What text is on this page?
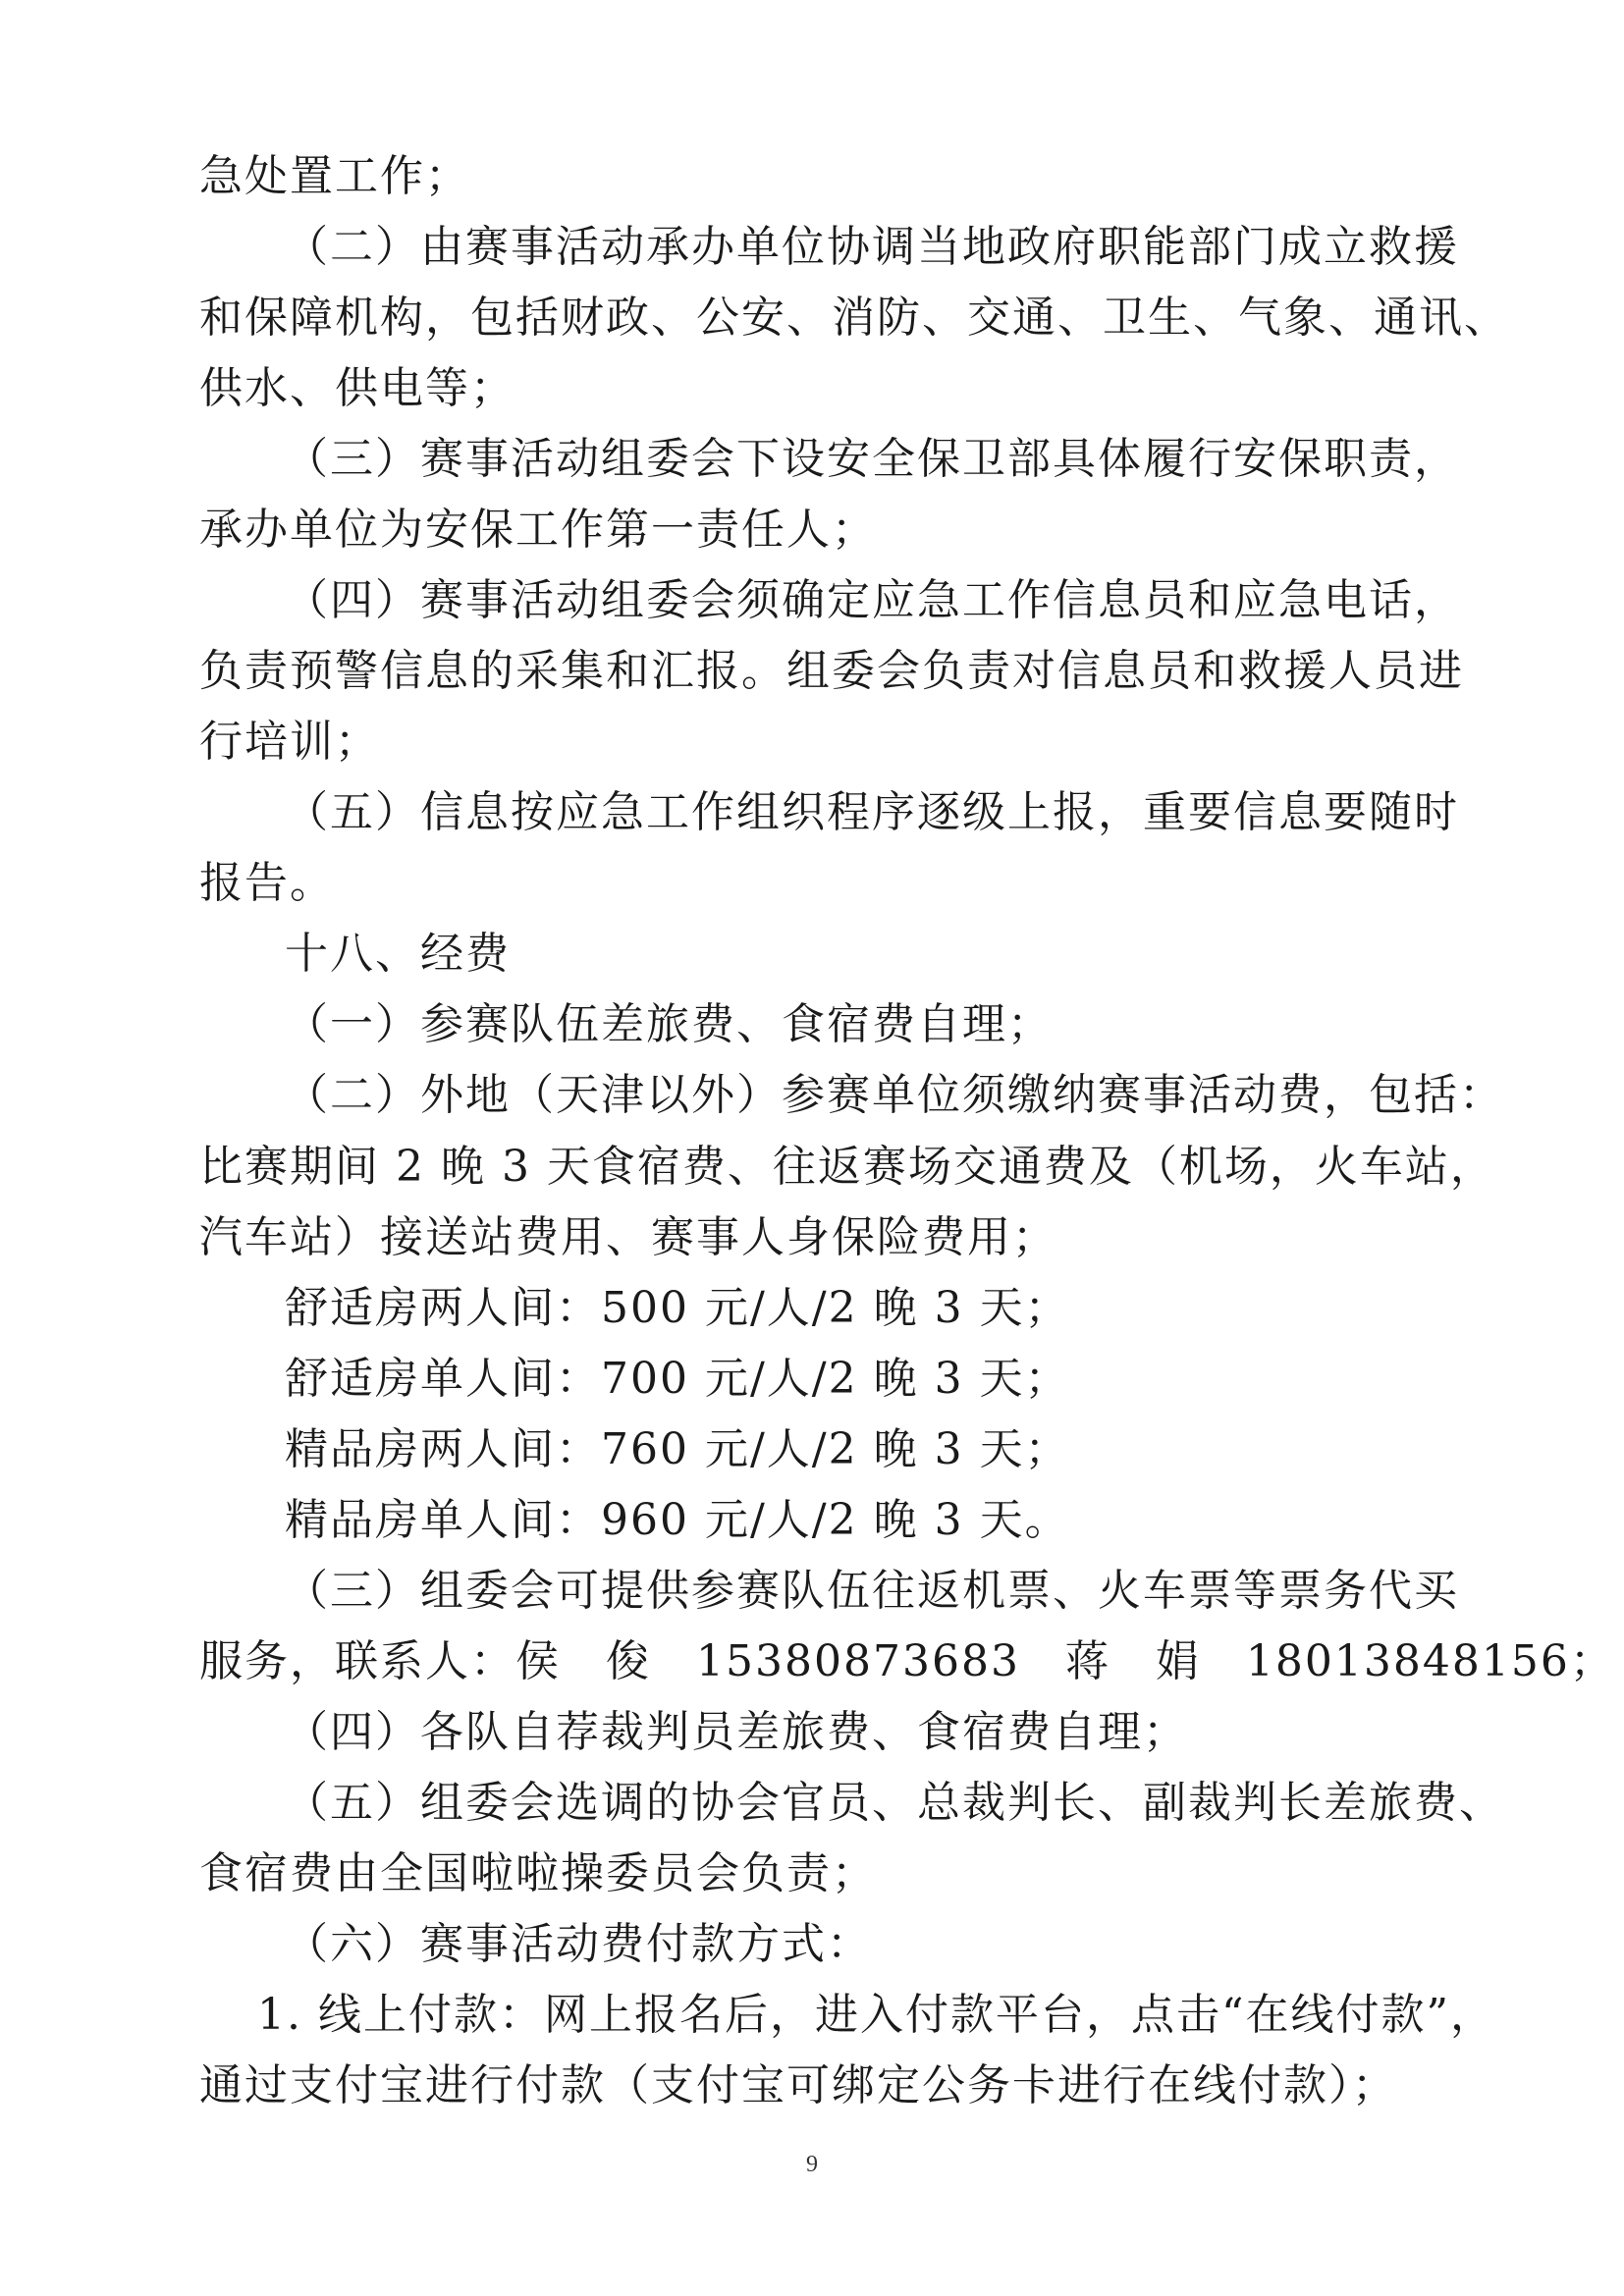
急处置工作；

（二）由赛事活动承办单位协调当地政府职能部门成立救援

和保障机构，包括财政、公安、消防、交通、卫生、气象、通讯、

供水、供电等；

（三）赛事活动组委会下设安全保卫部具体履行安保职责，

承办单位为安保工作第一责任人；

（四）赛事活动组委会须确定应急工作信息员和应急电话，

负责预警信息的采集和汇报。组委会负责对信息员和救援人员进

行培训；

（五）信息按应急工作组织程序逐级上报，重要信息要随时

报告。

十八、经费

（一）参赛队伍差旅费、食宿费自理；

（二）外地（天津以外）参赛单位须缴纳赛事活动费，包括：

比赛期间 2 晚 3 天食宿费、往返赛场交通费及（机场，火车站，

汽车站）接送站费用、赛事人身保险费用；

舒适房两人间：500 元/人/2 晚 3 天；

舒适房单人间：700 元/人/2 晚 3 天；

精品房两人间：760 元/人/2 晚 3 天；

精品房单人间：960 元/人/2 晚 3 天。

（三）组委会可提供参赛队伍往返机票、火车票等票务代买

服务，联系人：侯　俊　15380873683　蒋　娟　18013848156；

（四）各队自荐裁判员差旅费、食宿费自理；

（五）组委会选调的协会官员、总裁判长、副裁判长差旅费、

食宿费由全国啦啦操委员会负责；

（六）赛事活动费付款方式：

1. 线上付款：网上报名后，进入付款平台，点击“在线付款”，

通过支付宝进行付款（支付宝可绑定公务卡进行在线付款）；

9
